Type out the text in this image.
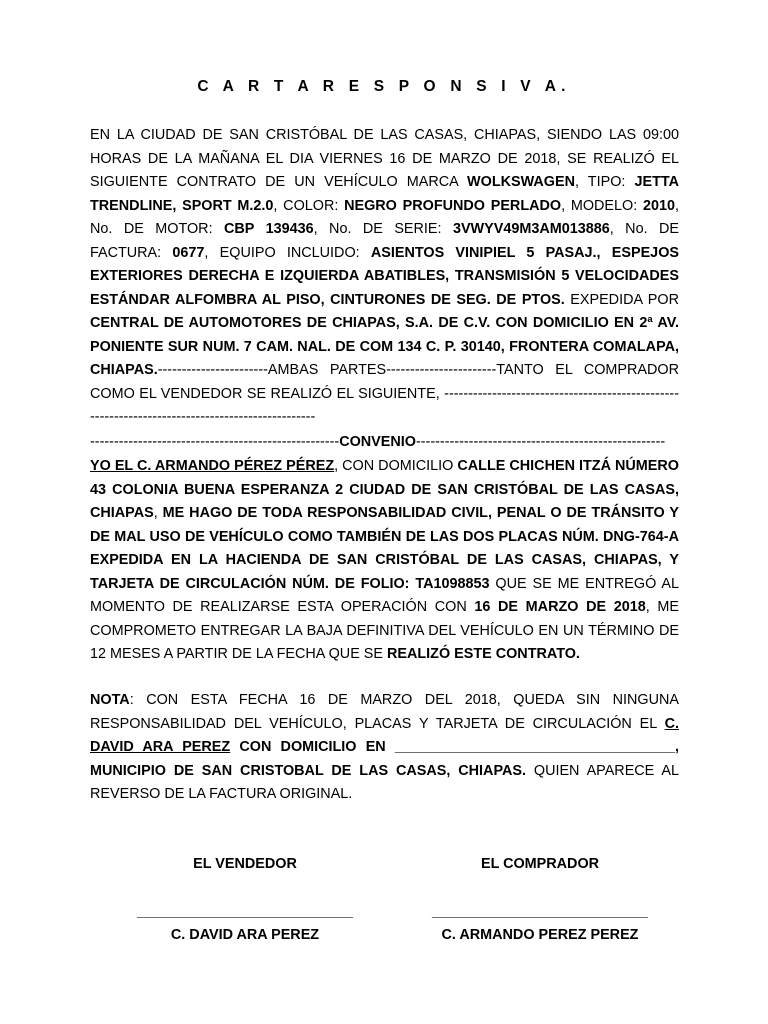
C A R T A R E S P O N S I V A.

EN LA CIUDAD DE SAN CRISTÓBAL DE LAS CASAS, CHIAPAS, SIENDO LAS 09:00 HORAS DE LA MAÑANA EL DIA VIERNES 16 DE MARZO DE 2018, SE REALIZÓ EL SIGUIENTE CONTRATO DE UN VEHÍCULO MARCA WOLKSWAGEN, TIPO: JETTA TRENDLINE, SPORT M.2.0, COLOR: NEGRO PROFUNDO PERLADO, MODELO: 2010, No. DE MOTOR: CBP 139436, No. DE SERIE: 3VWYV49M3AM013886, No. DE FACTURA: 0677, EQUIPO INCLUIDO: ASIENTOS VINIPIEL 5 PASAJ., ESPEJOS EXTERIORES DERECHA E IZQUIERDA ABATIBLES, TRANSMISIÓN 5 VELOCIDADES ESTÁNDAR ALFOMBRA AL PISO, CINTURONES DE SEG. DE PTOS. EXPEDIDA POR CENTRAL DE AUTOMOTORES DE CHIAPAS, S.A. DE C.V. CON DOMICILIO EN 2ª AV. PONIENTE SUR NUM. 7 CAM. NAL. DE COM 134 C. P. 30140, FRONTERA COMALAPA, CHIAPAS.-----------------------AMBAS PARTES-----------------------TANTO EL COMPRADOR COMO EL VENDEDOR SE REALIZÓ EL SIGUIENTE, ------------------------------------------------------------------------------------------------

----------------------------------------------------CONVENIO----------------------------------------------------

YO EL C. ARMANDO PÉREZ PÉREZ, CON DOMICILIO CALLE CHICHEN ITZÁ NÚMERO 43 COLONIA BUENA ESPERANZA 2 CIUDAD DE SAN CRISTÓBAL DE LAS CASAS, CHIAPAS, ME HAGO DE TODA RESPONSABILIDAD CIVIL, PENAL O DE TRÁNSITO Y DE MAL USO DE VEHÍCULO COMO TAMBIÉN DE LAS DOS PLACAS NÚM. DNG-764-A EXPEDIDA EN LA HACIENDA DE SAN CRISTÓBAL DE LAS CASAS, CHIAPAS, Y TARJETA DE CIRCULACIÓN NÚM. DE FOLIO: TA1098853 QUE SE ME ENTREGÓ AL MOMENTO DE REALIZARSE ESTA OPERACIÓN CON 16 DE MARZO DE 2018, ME COMPROMETO ENTREGAR LA BAJA DEFINITIVA DEL VEHÍCULO EN UN TÉRMINO DE 12 MESES A PARTIR DE LA FECHA QUE SE REALIZÓ ESTE CONTRATO.

NOTA: CON ESTA FECHA 16 DE MARZO DEL 2018, QUEDA SIN NINGUNA RESPONSABILIDAD DEL VEHÍCULO, PLACAS Y TARJETA DE CIRCULACIÓN EL C. DAVID ARA PEREZ CON DOMICILIO EN ___________________________________, MUNICIPIO DE SAN CRISTOBAL DE LAS CASAS, CHIAPAS. QUIEN APARECE AL REVERSO DE LA FACTURA ORIGINAL.

EL VENDEDOR	EL COMPRADOR
___________________________	___________________________
C. DAVID ARA PEREZ	C. ARMANDO PEREZ PEREZ
